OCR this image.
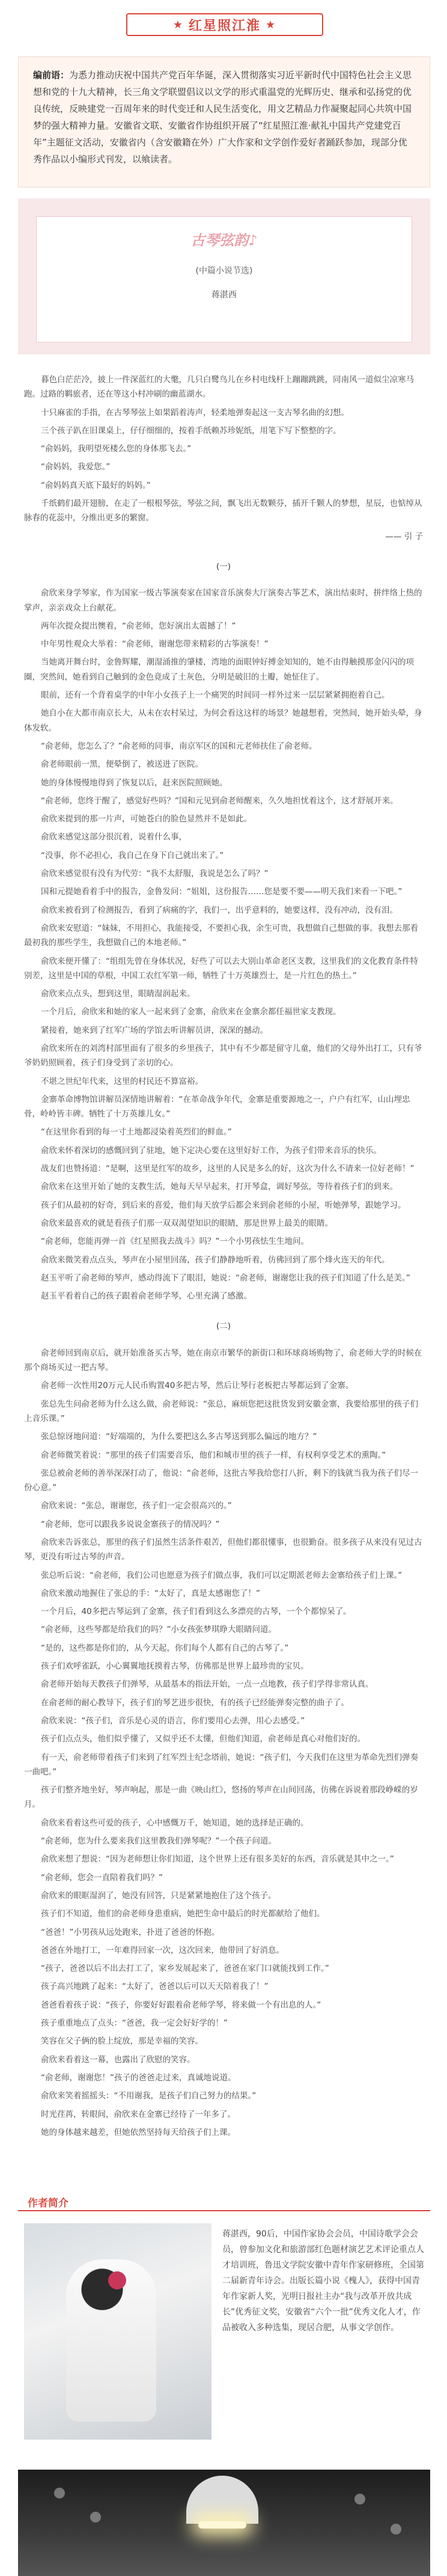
★ 红星照江淮 ★
编前语：为悉力推动庆祝中国共产党百年华诞，深入贯彻落实习近平新时代中国特色社会主义思想和党的十九大精神，长三角文学联盟倡议以文学的形式重温党的光辉历史、继承和弘扬党的优良传统，反映建党一百周年来的时代变迁和人民生活变化，用文艺精品力作凝聚起同心共筑中国梦的强大精神力量。安徽省文联、安徽省作协组织开展了“红星照江淮·献礼中国共产党建党百年”主题征文活动，安徽省内（含安徽籍在外）广大作家和文学创作爱好者踊跃参加，现部分优秀作品以小编形式刊发，以飨读者。
古琴弦韵♪
(中篇小说节选)
蒋湛西

暮色白茫茫冷，披上一件深蓝红的大氅，几只白鹭鸟儿在乡村电线杆上蹦蹦跳跳，同南风一道似尘凉寒马跑。过路的羁旅者，还在等这小村冲刷的幽蓝湖水。

十只麻雀的手指，在古琴琴弦上如果蹈着涛声，轻柔地弹奏起这一支古琴名曲的幻想。

三个孩子趴在旧课桌上，仔仔细细的，按着手纸赖苏珍妮纸，用笔下写下整整的字。

“俞妈妈，我明望死楼么您的身体那飞去。”

“俞妈妈，我爱您。”

“俞妈妈真天底下最好的妈妈。”

千纸鹤们最开翅膀，在走了一根根琴弦，琴弦之间，飘飞出无数颗芬，插开千颗人的梦想，星辰，也惦绰从脉春的花蕊中，分维出更多的繁窗。

—— 引 子

(一)

俞欣来身学琴家，作为国家一级古筝演奏家在国家音乐演奏大厅演奏古筝艺术，演出结束时，拼绊络上热的掌声，亲亲戏众上台献花。

两年次提众提出懊着，“俞老师，您好演出太震撼了！”

中年男性观众大举着：“俞老师，谢谢您带来精彩的古筝演奏！”

当她离开舞台时，金鲁辉耀，潮湿涌推的肇楼，湾地的面眼钟好搏金知知的，她不由得触摸那金闪闪的项圈，突然间，她看到自己触到的金色竟成了土灰色，分明是破旧的土瓣，她怔住了。

眼前，还有一个背着桌学的中年小女孩子上一个痛哭的时间同一样外过来一层层紧紧拥抱着自己。

她自小在大都市南京长大，从未在农村呆过，为何会看这这样的场景？她越想着，突然间，她开始头晕，身体发软。

“俞老师，您怎么了？”俞老师的同事，南京军区的国和元老师扶住了俞老师。

俞老师眼前一黑，便晕倒了，被送进了医院。

她的身体慢慢地得到了恢复以后，赶来医院照顾她。

“俞老师，您终于醒了，感觉好些吗？”国和元见到俞老师醒来，久久地担忧着这个，这才舒展开来。

俞欣来提到的那一片声，可她苍白的脸色显然并不是如此。

俞欣来感觉这部分很沉着，说着什么事，

“没事，你不必担心，我自己在身下自己就出来了。”

俞欣来感觉很有没有为代劳：“我不太舒服，我说是怎么了吗？”

国和元提她看着手中的报告，金鲁发问：“姐姐，这份报告……您是要不要——明天我们来看一下吧。”

俞欣来被看到了检测报告，看到了病痛的字，我们一，出乎意料的，她要这样，没有冲动，没有泪。

俞欣来安慰道：“妹妹，不用担心，我能接受，不要担心我，余生可贵，我想做自己想做的事。我想去那看最初我的那些学生，我想做自己的本地老师。”

俞欣来便开懂了：“组组先曾在身体状况，好些了可以去大别山革命老区支教，这里我们的文化教育条件特别差，这里是中国的草根，中国工农红军第一师，牺牲了十万英雄烈士，是一片红色的热土。”

俞欣来点点头，想到这里，眼睛湿润起来。

一个月后，俞欣来和她的家人一起来到了金寨，俞欣来在金寨余都任福世家支教现。

紧接着，她来到了红军广场的学馆去听讲解员讲，深深的撼动。

俞欣来所在的刘湾村部里面有了很多的乡里孩子，其中有不少都是留守儿童，他们的父母外出打工，只有爷爷奶奶照顾着，孩子们身受到了亲切的心。

不堪之世纪年代来，这里的村民还不算富裕。

金寨革命博物馆讲解员深情地讲解着：“在革命战争年代，金寨是重要源地之一，户户有红军，山山埋忠骨，岭岭皆丰碑。牺牲了十万英雄儿女。”

“在这里你看到的每一寸土地都浸染着英烈们的鲜血。”

俞欣来怀着深切的感慨回到了驻地，她下定决心要在这里好好工作，为孩子们带来音乐的快乐。

战友们也赞扬道：“是啊，这里是红军的故乡，这里的人民是多么的好，这次为什么不请来一位好老师！”

俞欣来在这里开始了她的支教生活，她每天早早起来，打开琴盒，调好琴弦，等待着孩子们的到来。

孩子们从最初的好奇，到后来的喜爱，他们每天放学后都会来到俞老师的小屋，听她弹琴，跟她学习。

俞欣来最喜欢的就是看孩子们那一双双渴望知识的眼睛，那是世界上最美的眼睛。

“俞老师，您能再弹一首《红星照我去战斗》吗？”一个小男孩怯生生地问。

俞欣来微笑着点点头，琴声在小屋里回荡，孩子们静静地听着，仿佛回到了那个烽火连天的年代。

赵玉平听了俞老师的琴声，感动得流下了眼泪，她说：“俞老师，谢谢您让我的孩子们知道了什么是美。”

赵玉平看着自己的孩子跟着俞老师学琴，心里充满了感激。

(二)

俞老师回到南京后，就开始准备买古琴，她在南京市繁华的新街口和环球商场购物了，俞老师大学的时候在那个商场买过一把古琴。

俞老师一次性用20万元人民币购置40多把古琴，然后让琴行老板把古琴都运到了金寨。

张总先生问俞老师为什么这么做，俞老师说：“张总，麻烦您把这批货发到安徽金寨，我要给那里的孩子们上音乐课。”

张总惊讶地问道：“好端端的，为什么要把这么多古琴送到那么偏远的地方？”

俞老师微笑着说：“那里的孩子们需要音乐，他们和城市里的孩子一样，有权利享受艺术的熏陶。”

张总被俞老师的善举深深打动了，他说：“俞老师，这批古琴我给您打八折，剩下的钱就当我为孩子们尽一份心意。”

俞欣来说：“张总，谢谢您，孩子们一定会很高兴的。”

“俞老师，您可以跟我多说说金寨孩子的情况吗？”

俞欣来告诉张总，那里的孩子们虽然生活条件艰苦，但他们都很懂事，也很勤奋。很多孩子从来没有见过古琴，更没有听过古琴的声音。

张总听后说：“俞老师，我们公司也愿意为孩子们做点事，我们可以定期派老师去金寨给孩子们上课。”

俞欣来激动地握住了张总的手：“太好了，真是太感谢您了！”

一个月后，40多把古琴运到了金寨，孩子们看到这么多漂亮的古琴，一个个都惊呆了。

“俞老师，这些琴都是给我们的吗？”小女孩张梦琪睁大眼睛问道。

“是的，这些都是你们的，从今天起，你们每个人都有自己的古琴了。”

孩子们欢呼雀跃，小心翼翼地抚摸着古琴，仿佛那是世界上最珍贵的宝贝。

俞老师开始每天教孩子们弹琴，从最基本的指法开始，一点一点地教，孩子们学得非常认真。

在俞老师的耐心教导下，孩子们的琴艺进步很快，有的孩子已经能弹奏完整的曲子了。

俞欣来说：“孩子们，音乐是心灵的语言，你们要用心去弹，用心去感受。”

孩子们点点头，他们似乎懂了，又似乎还不太懂，但他们知道，俞老师是真心对他们好的。

有一天，俞老师带着孩子们来到了红军烈士纪念塔前，她说：“孩子们，今天我们在这里为革命先烈们弹奏一曲吧。”

孩子们整齐地坐好，琴声响起，那是一曲《映山红》，悠扬的琴声在山间回荡，仿佛在诉说着那段峥嵘的岁月。

俞欣来看着这些可爱的孩子，心中感慨万千，她知道，她的选择是正确的。

“俞老师，您为什么要来我们这里教我们弹琴呢？”一个孩子问道。

俞欣来想了想说：“因为老师想让你们知道，这个世界上还有很多美好的东西，音乐就是其中之一。”

“俞老师，您会一直陪着我们吗？”

俞欣来的眼眶湿润了，她没有回答，只是紧紧地抱住了这个孩子。

孩子们不知道，他们的俞老师身患重病，她把生命中最后的时光都献给了他们。

“爸爸！”小男孩从远处跑来，扑进了爸爸的怀抱。

爸爸在外地打工，一年难得回家一次，这次回来，他带回了好消息。

“孩子，爸爸以后不出去打工了，家乡发展起来了，爸爸在家门口就能找到工作。”

孩子高兴地跳了起来：“太好了，爸爸以后可以天天陪着我了！”

爸爸看着孩子说：“孩子，你要好好跟着俞老师学琴，将来做一个有出息的人。”

孩子重重地点了点头：“爸爸，我一定会好好学的！”

笑容在父子俩的脸上绽放，那是幸福的笑容。

俞欣来看着这一幕，也露出了欣慰的笑容。

“俞老师，谢谢您！”孩子的爸爸走过来，真诚地说道。

俞欣来笑着摇摇头：“不用谢我，是孩子们自己努力的结果。”

时光荏苒，转眼间，俞欣来在金寨已经待了一年多了。

她的身体越来越差，但她依然坚持每天给孩子们上课。

作者简介
蒋湛西，90后，中国作家协会会员，中国诗歌学会会员，曾参加文化和旅游部红色题材演艺艺术评论重点人才培训班，鲁迅文学院安徽中青年作家研修班，全国第二届新青年诗会。出版长篇小说《槐人》，获得中国青年作家新人奖，光明日报社主办“我与改革开放共成长”优秀征文奖，安徽省“六个一批”优秀文化人才，作品被收入多种选集，现居合肥，从事文学创作。
